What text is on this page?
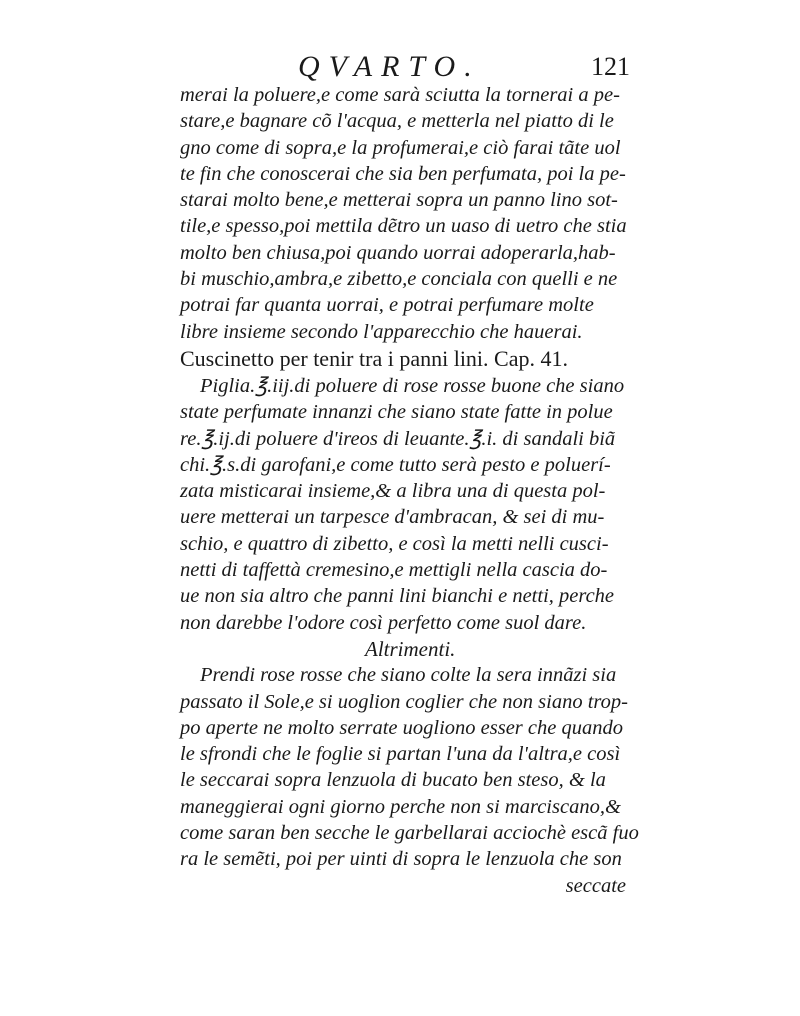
QVARTO.	121
merai la poluere,e come sarà sciutta la tornerai a pe-
stare,e bagnare cõ l'acqua, e metterla nel piatto di le
gno come di sopra,e la profumerai,e ciò farai tãte uol
te fin che conoscerai che sia ben perfumata, poi la pe-
starai molto bene,e metterai sopra un panno lino sot-
tile,e spesso,poi mettila dẽtro un uaso di uetro che stia
molto ben chiusa,poi quando uorrai adoperarla,hab-
bi muschio,ambra,e zibetto,e conciala con quelli e ne
potrai far quanta uorrai, e potrai perfumare molte
libre insieme secondo l'apparecchio che hauerai.
Cuscinetto per tenir tra i panni lini. Cap. 41.
Piglia.℥.iij.di poluere di rose rosse buone che siano
state perfumate innanzi che siano state fatte in polue
re.℥.ij.di poluere d'ireos di leuante.℥.i. di sandali biã
chi.℥.s.di garofani,e come tutto serà pesto e poluerí-
zata misticarai insieme,& a libra una di questa pol-
uere metterai un tarpesce d'ambracan, & sei di mu-
schio, e quattro di zibetto, e così la metti nelli cusci-
netti di taffettà cremesino,e mettigli nella cascia do-
ue non sia altro che panni lini bianchi e netti, perche
non darebbe l'odore così perfetto come suol dare.
Altrimenti.
Prendi rose rosse che siano colte la sera innãzi sia
passato il Sole,e si uoglion coglier che non siano trop-
po aperte ne molto serrate uogliono esser che quando
le sfrondi che le foglie si partan l'una da l'altra,e così
le seccarai sopra lenzuola di bucato ben steso, & la
maneggierai ogni giorno perche non si marciscano,&
come saran ben secche le garbellarai acciochè escã fuo
ra le semẽti, poi per uinti di sopra le lenzuola che son
seccate
